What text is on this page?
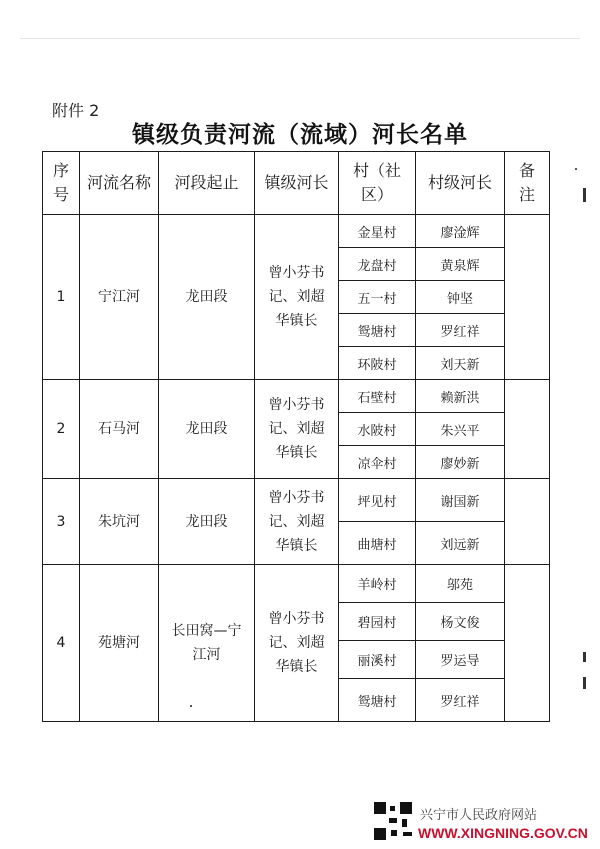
附件 2
镇级负责河流（流域）河长名单
序号	河流名称	河段起止	镇级河长	村（社区）	村级河长	备注
1	宁江河	龙田段	曾小芬书记、刘超华镇长	金星村	廖淦辉	
				龙盘村	黄泉辉	
				五一村	钟坚	
				鸳塘村	罗红祥	
				环陂村	刘天新	
2	石马河	龙田段	曾小芬书记、刘超华镇长	石壁村	赖新洪	
				水陂村	朱兴平	
				凉伞村	廖妙新	
3	朱坑河	龙田段	曾小芬书记、刘超华镇长	坪见村	谢国新	
				曲塘村	刘远新	
4	苑塘河	长田窝—宁江河	曾小芬书记、刘超华镇长	羊岭村	邬苑	
				碧园村	杨文俊	
				丽溪村	罗运导	
				鸳塘村	罗红祥	
兴宁市人民政府网站
WWW.XINGNING.GOV.CN
